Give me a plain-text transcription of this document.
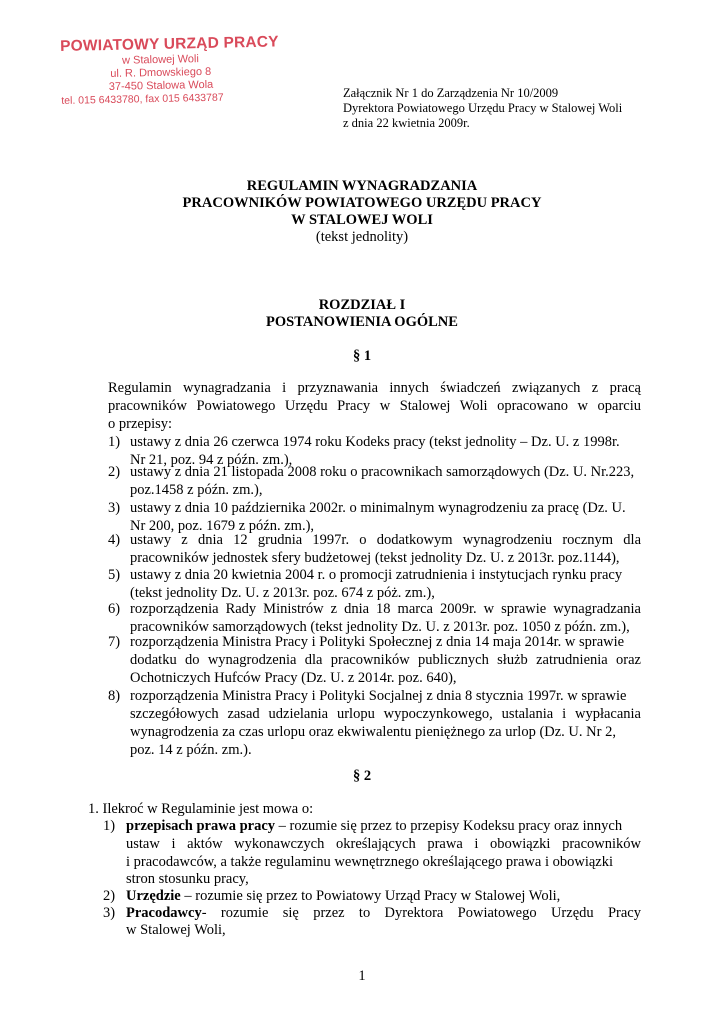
POWIATOWY URZĄD PRACY
w Stalowej Woli
ul. R. Dmowskiego 8
37-450 Stalowa Wola
tel. 015 6433780, fax 015 6433787	Załącznik Nr 1 do Zarządzenia Nr 10/2009
Dyrektora Powiatowego Urzędu Pracy w Stalowej Woli
z dnia 22 kwietnia 2009r.
REGULAMIN WYNAGRADZANIA
PRACOWNIKÓW POWIATOWEGO URZĘDU PRACY
W STALOWEJ WOLI
(tekst jednolity)
ROZDZIAŁ I
POSTANOWIENIA OGÓLNE
§ 1
Regulamin wynagradzania i przyznawania innych świadczeń związanych z pracą
pracowników Powiatowego Urzędu Pracy w Stalowej Woli opracowano w oparciu
o przepisy:
1) ustawy z dnia 26 czerwca 1974 roku Kodeks pracy (tekst jednolity – Dz. U. z 1998r.
Nr 21, poz. 94 z późn. zm.),
2) ustawy z dnia 21 listopada 2008 roku o pracownikach samorządowych (Dz. U. Nr.223,
poz.1458 z późn. zm.),
3) ustawy z dnia 10 października 2002r. o minimalnym wynagrodzeniu za pracę (Dz. U.
Nr 200, poz. 1679 z późn. zm.),
4) ustawy z dnia 12 grudnia 1997r. o dodatkowym wynagrodzeniu rocznym dla
pracowników jednostek sfery budżetowej (tekst jednolity Dz. U. z 2013r. poz.1144),
5) ustawy z dnia 20 kwietnia 2004 r. o promocji zatrudnienia i instytucjach rynku pracy
(tekst jednolity Dz. U. z 2013r. poz. 674 z póż. zm.),
6) rozporządzenia Rady Ministrów z dnia 18 marca 2009r. w sprawie wynagradzania
pracowników samorządowych (tekst jednolity Dz. U. z 2013r. poz. 1050 z późn. zm.),
7) rozporządzenia Ministra Pracy i Polityki Społecznej z dnia 14 maja 2014r. w sprawie
dodatku do wynagrodzenia dla pracowników publicznych służb zatrudnienia oraz
Ochotniczych Hufców Pracy (Dz. U. z 2014r. poz. 640),
8) rozporządzenia Ministra Pracy i Polityki Socjalnej z dnia 8 stycznia 1997r. w sprawie
szczegółowych zasad udzielania urlopu wypoczynkowego, ustalania i wypłacania
wynagrodzenia za czas urlopu oraz ekwiwalentu pieniężnego za urlop (Dz. U. Nr 2,
poz. 14 z późn. zm.).
§ 2
1. Ilekroć w Regulaminie jest mowa o:
1) przepisach prawa pracy – rozumie się przez to przepisy Kodeksu pracy oraz innych
ustaw i aktów wykonawczych określających prawa i obowiązki pracowników
i pracodawców, a także regulaminu wewnętrznego określającego prawa i obowiązki
stron stosunku pracy,
2) Urzędzie – rozumie się przez to Powiatowy Urząd Pracy w Stalowej Woli,
3) Pracodawcy- rozumie się przez to Dyrektora Powiatowego Urzędu Pracy
w Stalowej Woli,
1
